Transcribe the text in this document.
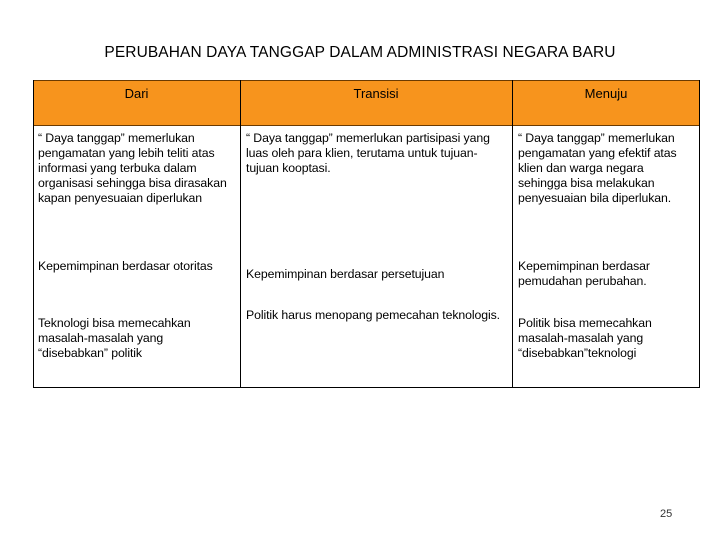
PERUBAHAN DAYA TANGGAP DALAM ADMINISTRASI NEGARA BARU
Dari	Transisi	Menuju
“ Daya tanggap” memerlukan pengamatan yang lebih teliti atas informasi yang terbuka dalam organisasi sehingga bisa dirasakan kapan penyesuaian diperlukan
“ Daya tanggap” memerlukan partisipasi yang luas oleh para klien, terutama untuk tujuan-tujuan kooptasi.
“ Daya tanggap” memerlukan pengamatan yang efektif atas klien dan warga negara sehingga bisa melakukan penyesuaian bila diperlukan.
Kepemimpinan berdasar otoritas
Kepemimpinan berdasar persetujuan
Kepemimpinan berdasar pemudahan perubahan.
Teknologi bisa memecahkan masalah-masalah yang “disebabkan” politik
Politik harus menopang pemecahan teknologis.
Politik bisa memecahkan masalah-masalah yang “disebabkan”teknologi
25
